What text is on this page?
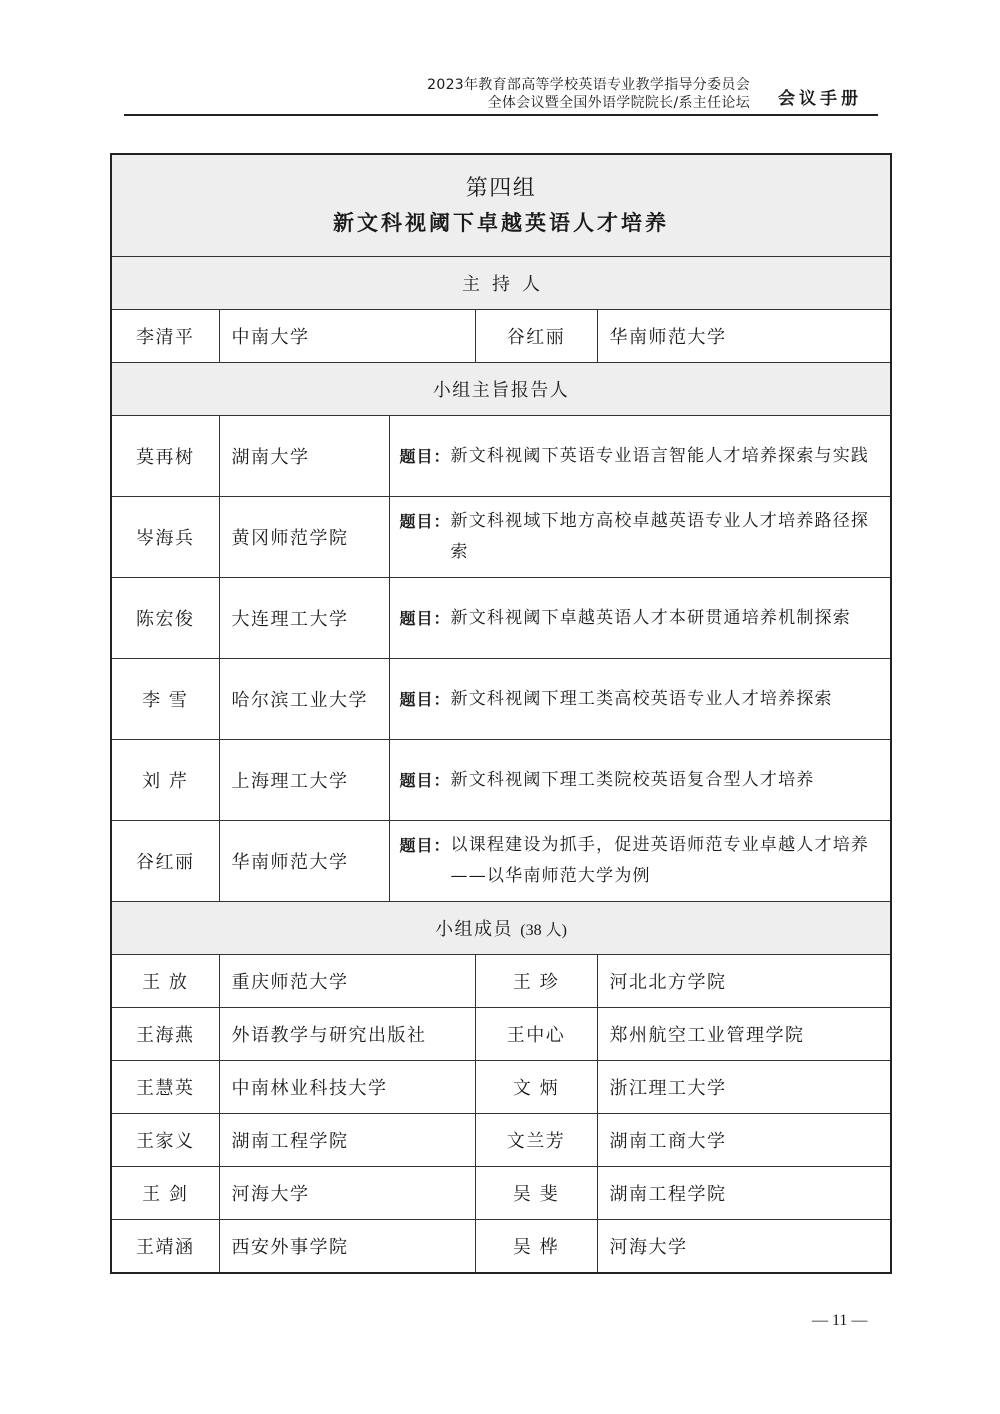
2023年教育部高等学校英语专业教学指导分委员会
全体会议暨全国外语学院院长/系主任论坛 会议手册
第四组
新文科视阈下卓越英语人才培养				

主持人				
李清平	中南大学		谷红丽	华南师范大学
小组主旨报告人				
莫再树	湖南大学	题目： 新文科视阈下英语专业语言智能人才培养探索与实践		

岑海兵	黄冈师范学院	题目： 新文科视域下地方高校卓越英语专业人才培养路径探索		

陈宏俊	大连理工大学	题目： 新文科视阈下卓越英语人才本研贯通培养机制探索		

李 雪	哈尔滨工业大学	题目： 新文科视阈下理工类高校英语专业人才培养探索		

刘 芹	上海理工大学	题目： 新文科视阈下理工类院校英语复合型人才培养		

谷红丽	华南师范大学	题目： 以课程建设为抓手，促进英语师范专业卓越人才培养——以华南师范大学为例		

小组成员 (38 人)				
王 放	重庆师范大学		王 珍	河北北方学院
王海燕	外语教学与研究出版社		王中心	郑州航空工业管理学院
王慧英	中南林业科技大学		文 炳	浙江理工大学
王家义	湖南工程学院		文兰芳	湖南工商大学
王 剑	河海大学		吴 斐	湖南工程学院
王靖涵	西安外事学院		吴 桦	河海大学
— 11 —
